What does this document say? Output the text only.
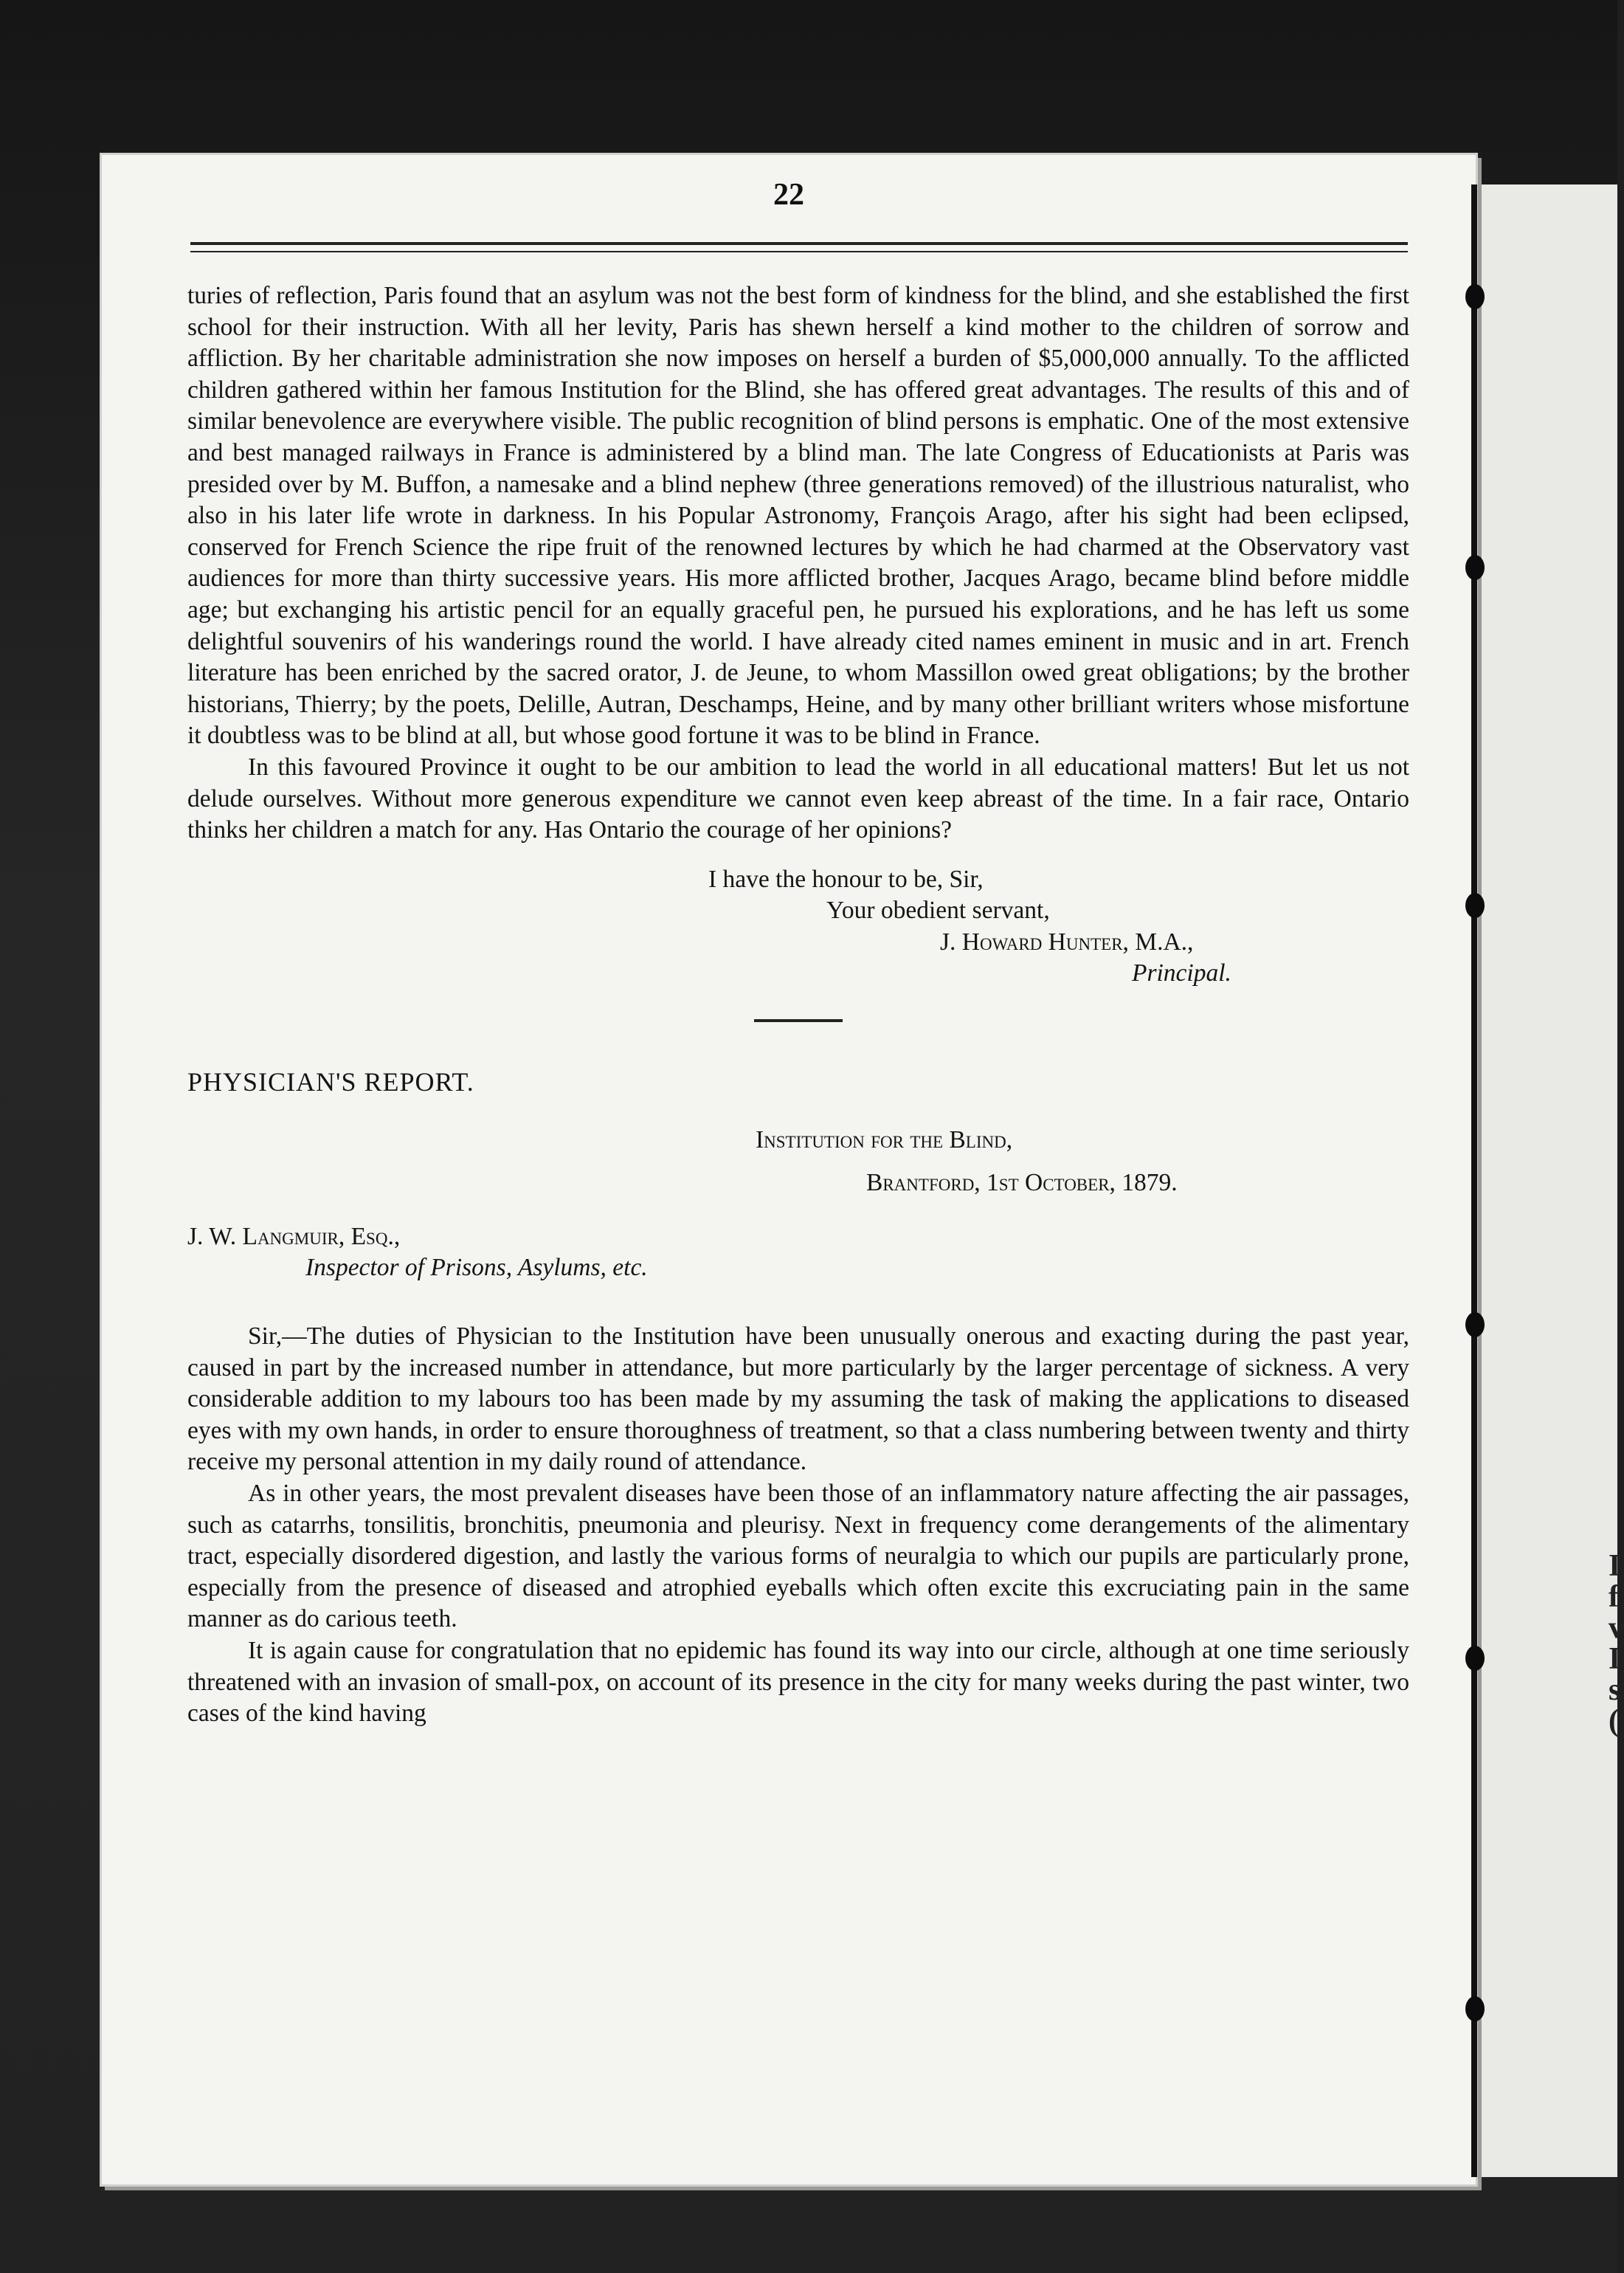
22

turies of reflection, Paris found that an asylum was not the best form of kindness for the blind, and she established the first school for their instruction. With all her levity, Paris has shewn herself a kind mother to the children of sorrow and affliction. By her charitable administration she now imposes on herself a burden of $5,000,000 annually. To the afflicted children gathered within her famous Institution for the Blind, she has offered great advantages. The results of this and of similar benevolence are everywhere visible. The public recognition of blind persons is emphatic. One of the most extensive and best managed railways in France is administered by a blind man. The late Congress of Educationists at Paris was presided over by M. Buffon, a namesake and a blind nephew (three generations removed) of the illustrious naturalist, who also in his later life wrote in darkness. In his Popular Astronomy, François Arago, after his sight had been eclipsed, conserved for French Science the ripe fruit of the renowned lectures by which he had charmed at the Observatory vast audiences for more than thirty successive years. His more afflicted brother, Jacques Arago, became blind before middle age; but exchanging his artistic pencil for an equally graceful pen, he pursued his explorations, and he has left us some delightful souvenirs of his wanderings round the world. I have already cited names eminent in music and in art. French literature has been enriched by the sacred orator, J. de Jeune, to whom Massillon owed great obligations; by the brother historians, Thierry; by the poets, Delille, Autran, Deschamps, Heine, and by many other brilliant writers whose misfortune it doubtless was to be blind at all, but whose good fortune it was to be blind in France.

In this favoured Province it ought to be our ambition to lead the world in all educational matters! But let us not delude ourselves. Without more generous expenditure we cannot even keep abreast of the time. In a fair race, Ontario thinks her children a match for any. Has Ontario the courage of her opinions?

I have the honour to be, Sir,
Your obedient servant,
J. Howard Hunter, M.A.,
Principal.

PHYSICIAN'S REPORT.

Institution for the Blind,
Brantford, 1st October, 1879.
J. W. Langmuir, Esq.,
Inspector of Prisons, Asylums, etc.

Sir,—The duties of Physician to the Institution have been unusually onerous and exacting during the past year, caused in part by the increased number in attendance, but more particularly by the larger percentage of sickness. A very considerable addition to my labours too has been made by my assuming the task of making the applications to diseased eyes with my own hands, in order to ensure thoroughness of treatment, so that a class numbering between twenty and thirty receive my personal attention in my daily round of attendance.

As in other years, the most prevalent diseases have been those of an inflammatory nature affecting the air passages, such as catarrhs, tonsilitis, bronchitis, pneumonia and pleurisy. Next in frequency come derangements of the alimentary tract, especially disordered digestion, and lastly the various forms of neuralgia to which our pupils are particularly prone, especially from the presence of diseased and atrophied eyeballs which often excite this excruciating pain in the same manner as do carious teeth.

It is again cause for congratulation that no epidemic has found its way into our circle, although at one time seriously threatened with an invasion of small-pox, on account of its presence in the city for many weeks during the past winter, two cases of the kind having

I
f
v
I
s
(
